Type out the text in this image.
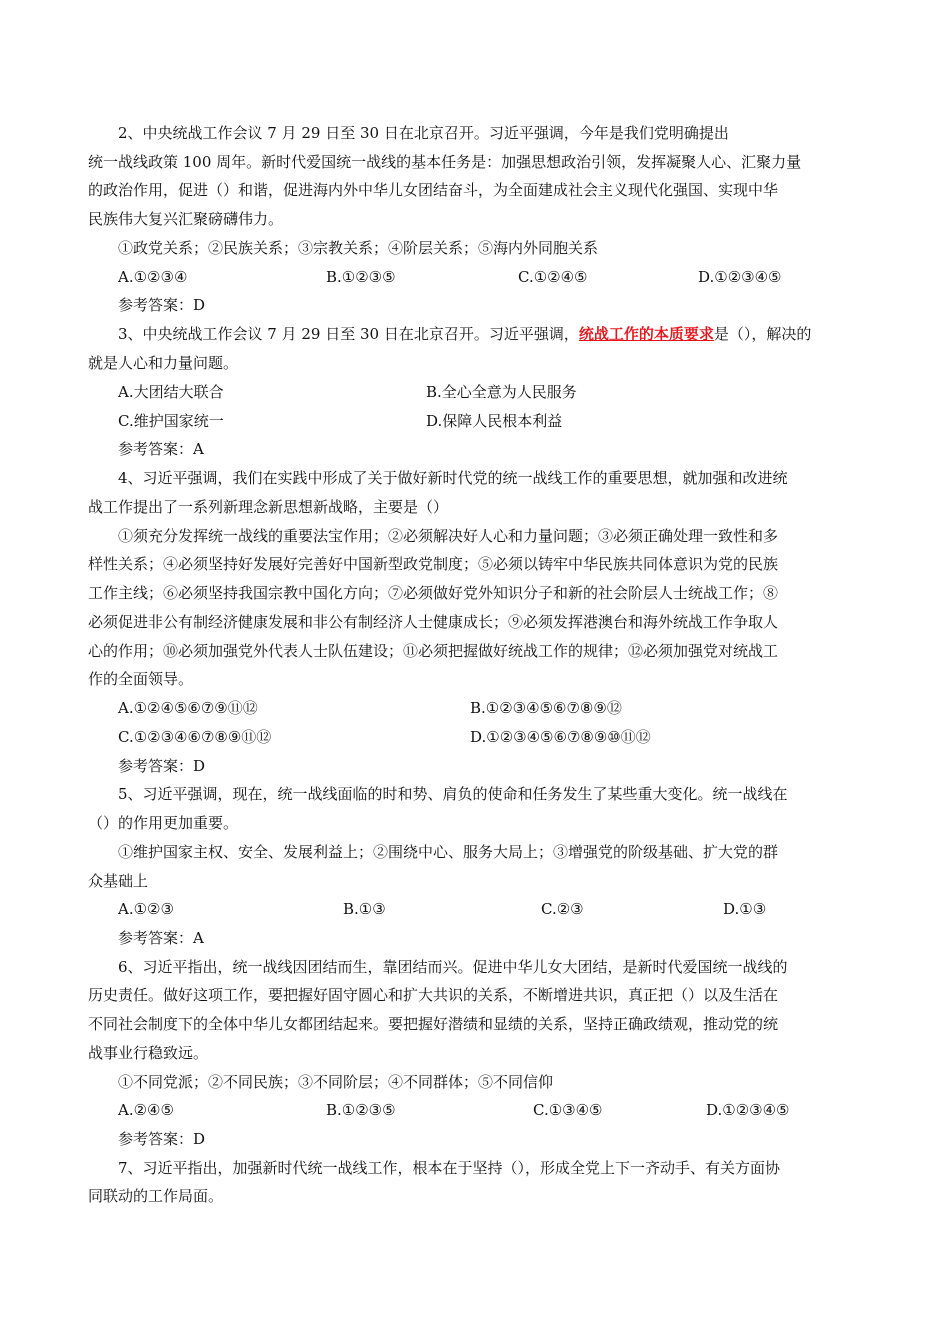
2、中央统战工作会议 7 月 29 日至 30 日在北京召开。习近平强调，今年是我们党明确提出
统一战线政策 100 周年。新时代爱国统一战线的基本任务是：加强思想政治引领，发挥凝聚人心、汇聚力量
的政治作用，促进（）和谐，促进海内外中华儿女团结奋斗，为全面建成社会主义现代化强国、实现中华
民族伟大复兴汇聚磅礴伟力。
①政党关系；②民族关系；③宗教关系；④阶层关系；⑤海内外同胞关系
A.①②③④	B.①②③⑤	C.①②④⑤	D.①②③④⑤
参考答案：D
3、中央统战工作会议 7 月 29 日至 30 日在北京召开。习近平强调，统战工作的本质要求是（），解决的
就是人心和力量问题。
A.大团结大联合	B.全心全意为人民服务
C.维护国家统一	D.保障人民根本利益
参考答案：A
4、习近平强调，我们在实践中形成了关于做好新时代党的统一战线工作的重要思想，就加强和改进统
战工作提出了一系列新理念新思想新战略，主要是（）
①须充分发挥统一战线的重要法宝作用；②必须解决好人心和力量问题；③必须正确处理一致性和多
样性关系；④必须坚持好发展好完善好中国新型政党制度；⑤必须以铸牢中华民族共同体意识为党的民族
工作主线；⑥必须坚持我国宗教中国化方向；⑦必须做好党外知识分子和新的社会阶层人士统战工作；⑧
必须促进非公有制经济健康发展和非公有制经济人士健康成长；⑨必须发挥港澳台和海外统战工作争取人
心的作用；⑩必须加强党外代表人士队伍建设；⑪必须把握做好统战工作的规律；⑫必须加强党对统战工
作的全面领导。
A.①②④⑤⑥⑦⑨⑪⑫	B.①②③④⑤⑥⑦⑧⑨⑫
C.①②③④⑥⑦⑧⑨⑪⑫	D.①②③④⑤⑥⑦⑧⑨⑩⑪⑫
参考答案：D
5、习近平强调，现在，统一战线面临的时和势、肩负的使命和任务发生了某些重大变化。统一战线在
（）的作用更加重要。
①维护国家主权、安全、发展利益上；②围绕中心、服务大局上；③增强党的阶级基础、扩大党的群
众基础上
A.①②③	B.①③	C.②③	D.①③
参考答案：A
6、习近平指出，统一战线因团结而生，靠团结而兴。促进中华儿女大团结，是新时代爱国统一战线的
历史责任。做好这项工作，要把握好固守圆心和扩大共识的关系，不断增进共识，真正把（）以及生活在
不同社会制度下的全体中华儿女都团结起来。要把握好潜绩和显绩的关系，坚持正确政绩观，推动党的统
战事业行稳致远。
①不同党派；②不同民族；③不同阶层；④不同群体；⑤不同信仰
A.②④⑤	B.①②③⑤	C.①③④⑤	D.①②③④⑤
参考答案：D
7、习近平指出，加强新时代统一战线工作，根本在于坚持（），形成全党上下一齐动手、有关方面协
同联动的工作局面。
